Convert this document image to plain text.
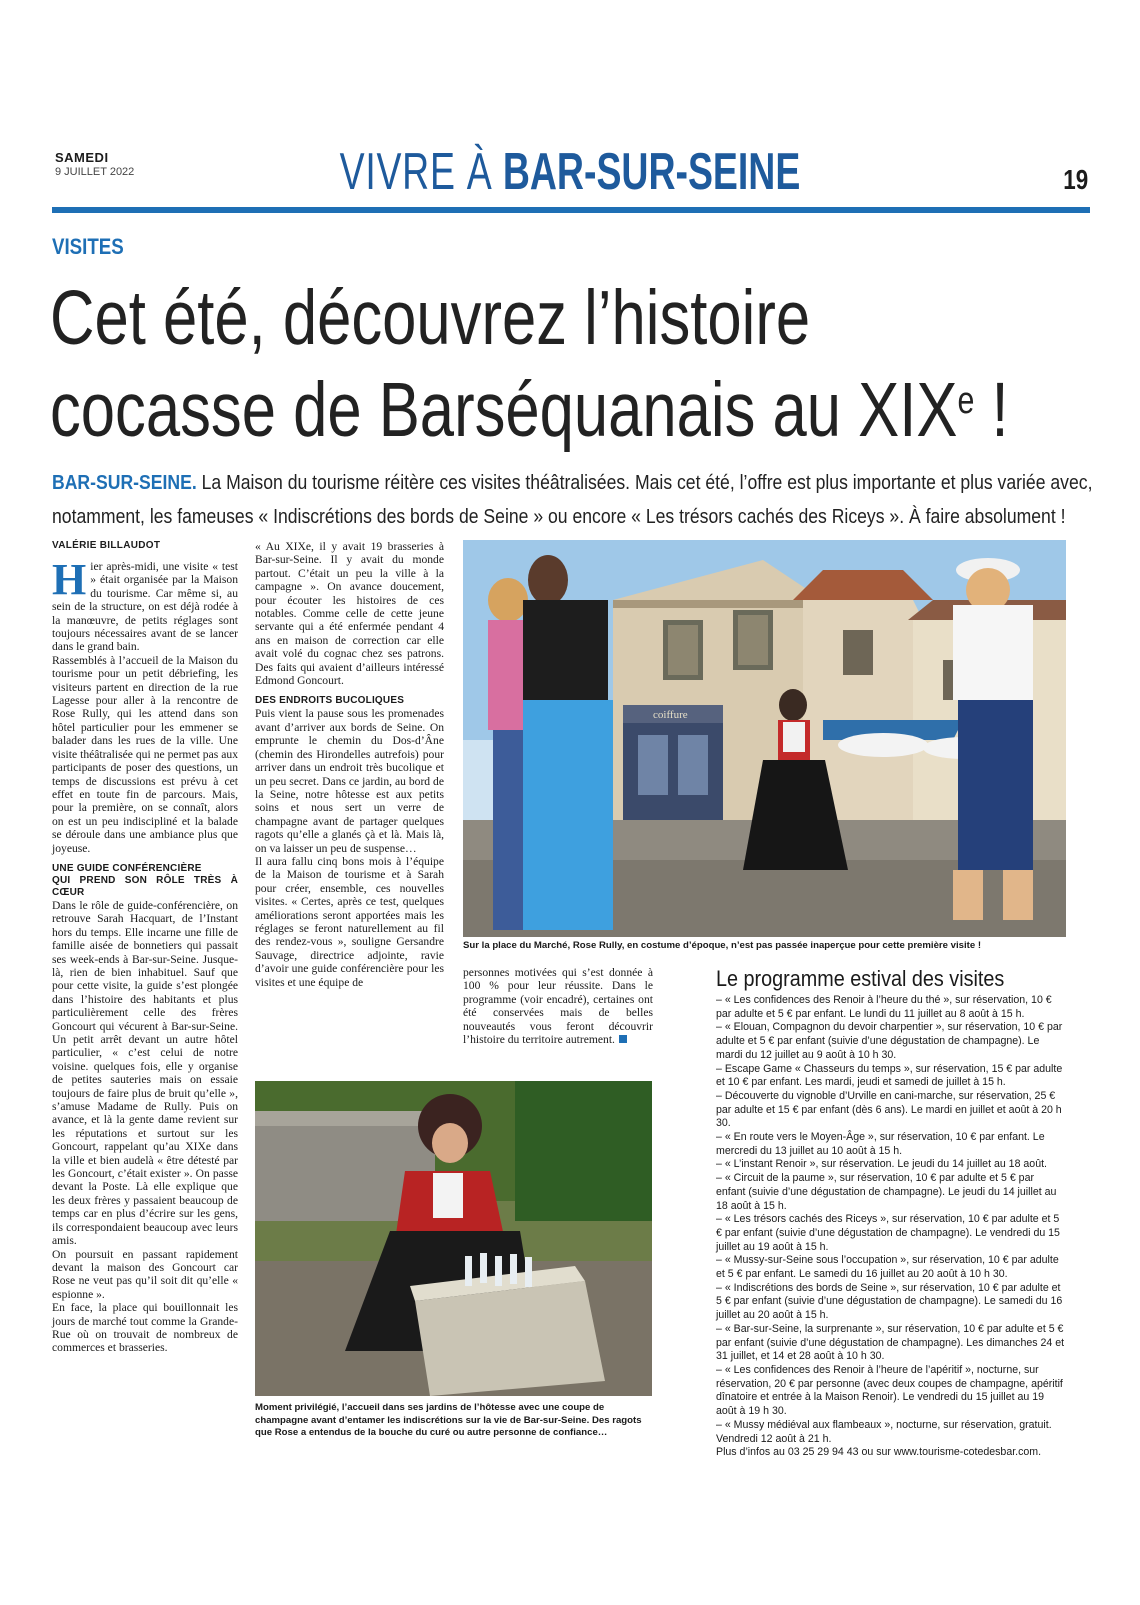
SAMEDI
9 JUILLET 2022	VIVRE À BAR-SUR-SEINE	19
VISITES
Cet été, découvrez l’histoire
cocasse de Barséquanais au XIXe !
BAR-SUR-SEINE. La Maison du tourisme réitère ces visites théâtralisées. Mais cet été, l’offre est plus importante et plus variée avec, notamment, les fameuses « Indiscrétions des bords de Seine » ou encore « Les trésors cachés des Riceys ». À faire absolument !
VALÉRIE BILLAUDOT

Hier après-midi, une visite « test » était organisée par la Maison du tourisme. Car même si, au sein de la structure, on est déjà rodée à la manœuvre, de petits réglages sont toujours nécessaires avant de se lancer dans le grand bain.

Rassemblés à l’accueil de la Maison du tourisme pour un petit débriefing, les visiteurs partent en direction de la rue Lagesse pour aller à la rencontre de Rose Rully, qui les attend dans son hôtel particulier pour les emmener se balader dans les rues de la ville. Une visite théâtralisée qui ne permet pas aux participants de poser des questions, un temps de discussions est prévu à cet effet en toute fin de parcours. Mais, pour la première, on se connaît, alors on est un peu indiscipliné et la balade se déroule dans une ambiance plus que joyeuse.

UNE GUIDE CONFÉRENCIÈRE
QUI PREND SON RÔLE TRÈS À CŒUR

Dans le rôle de guide-conférencière, on retrouve Sarah Hacquart, de l’Instant hors du temps. Elle incarne une fille de famille aisée de bonnetiers qui passait ses week-ends à Bar-sur-Seine. Jusque-là, rien de bien inhabituel. Sauf que pour cette visite, la guide s’est plongée dans l’histoire des habitants et plus particulièrement celle des frères Goncourt qui vécurent à Bar-sur-Seine. Un petit arrêt devant un autre hôtel particulier, « c’est celui de notre voisine. quelques fois, elle y organise de petites sauteries mais on essaie toujours de faire plus de bruit qu’elle », s’amuse Madame de Rully. Puis on avance, et là la gente dame revient sur les réputations et surtout sur les Goncourt, rappelant qu’au XIXe dans la ville et bien audelà « être détesté par les Goncourt, c’était exister ». On passe devant la Poste. Là elle explique que les deux frères y passaient beaucoup de temps car en plus d’écrire sur les gens, ils correspondaient beaucoup avec leurs amis.

On poursuit en passant rapidement devant la maison des Goncourt car Rose ne veut pas qu’il soit dit qu’elle « espionne ».

En face, la place qui bouillonnait les jours de marché tout comme la Grande-Rue où on trouvait de nombreux de commerces et brasseries.

« Au XIXe, il y avait 19 brasseries à Bar-sur-Seine. Il y avait du monde partout. C’était un peu la ville à la campagne ». On avance doucement, pour écouter les histoires de ces notables. Comme celle de cette jeune servante qui a été enfermée pendant 4 ans en maison de correction car elle avait volé du cognac chez ses patrons. Des faits qui avaient d’ailleurs intéressé Edmond Goncourt.

DES ENDROITS BUCOLIQUES

Puis vient la pause sous les promenades avant d’arriver aux bords de Seine. On emprunte le chemin du Dos-d’Âne (chemin des Hirondelles autrefois) pour arriver dans un endroit très bucolique et un peu secret. Dans ce jardin, au bord de la Seine, notre hôtesse est aux petits soins et nous sert un verre de champagne avant de partager quelques ragots qu’elle a glanés çà et là. Mais là, on va laisser un peu de suspense…

Il aura fallu cinq bons mois à l’équipe de la Maison de tourisme et à Sarah pour créer, ensemble, ces nouvelles visites. « Certes, après ce test, quelques améliorations seront apportées mais les réglages se feront naturellement au fil des rendez-vous », souligne Gersandre Sauvage, directrice adjointe, ravie d’avoir une guide conférencière pour les visites et une équipe de

personnes motivées qui s’est donnée à 100 % pour leur réussite. Dans le programme (voir encadré), certaines ont été conservées mais de belles nouveautés vous feront découvrir l’histoire du territoire autrement.

coiffure
Sur la place du Marché, Rose Rully, en costume d’époque, n’est pas passée inaperçue pour cette première visite !
Moment privilégié, l’accueil dans ses jardins de l’hôtesse avec une coupe de champagne avant d’entamer les indiscrétions sur la vie de Bar-sur-Seine. Des ragots que Rose a entendus de la bouche du curé ou autre personne de confiance…
Le programme estival des visites

– « Les confidences des Renoir à l’heure du thé », sur réservation, 10 € par adulte et 5 € par enfant. Le lundi du 11 juillet au 8 août à 15 h.

– « Elouan, Compagnon du devoir charpentier », sur réservation, 10 € par adulte et 5 € par enfant (suivie d’une dégustation de champagne). Le mardi du 12 juillet au 9 août à 10 h 30.

– Escape Game « Chasseurs du temps », sur réservation, 15 € par adulte et 10 € par enfant. Les mardi, jeudi et samedi de juillet à 15 h.

– Découverte du vignoble d’Urville en cani-marche, sur réservation, 25 € par adulte et 15 € par enfant (dès 6 ans). Le mardi en juillet et août à 20 h 30.

– « En route vers le Moyen-Âge », sur réservation, 10 € par enfant. Le mercredi du 13 juillet au 10 août à 15 h.

– « L’instant Renoir », sur réservation. Le jeudi du 14 juillet au 18 août.

– « Circuit de la paume », sur réservation, 10 € par adulte et 5 € par enfant (suivie d’une dégustation de champagne). Le jeudi du 14 juillet au 18 août à 15 h.

– « Les trésors cachés des Riceys », sur réservation, 10 € par adulte et 5 € par enfant (suivie d’une dégustation de champagne). Le vendredi du 15 juillet au 19 août à 15 h.

– « Mussy-sur-Seine sous l’occupation », sur réservation, 10 € par adulte et 5 € par enfant. Le samedi du 16 juillet au 20 août à 10 h 30.

– « Indiscrétions des bords de Seine », sur réservation, 10 € par adulte et 5 € par enfant (suivie d’une dégustation de champagne). Le samedi du 16 juillet au 20 août à 15 h.

– « Bar-sur-Seine, la surprenante », sur réservation, 10 € par adulte et 5 € par enfant (suivie d’une dégustation de champagne). Les dimanches 24 et 31 juillet, et 14 et 28 août à 10 h 30.

– « Les confidences des Renoir à l’heure de l’apéritif », nocturne, sur réservation, 20 € par personne (avec deux coupes de champagne, apéritif dînatoire et entrée à la Maison Renoir). Le vendredi du 15 juillet au 19 août à 19 h 30.

– « Mussy médiéval aux flambeaux », nocturne, sur réservation, gratuit. Vendredi 12 août à 21 h.

Plus d’infos au 03 25 29 94 43 ou sur www.tourisme-cotedesbar.com.
